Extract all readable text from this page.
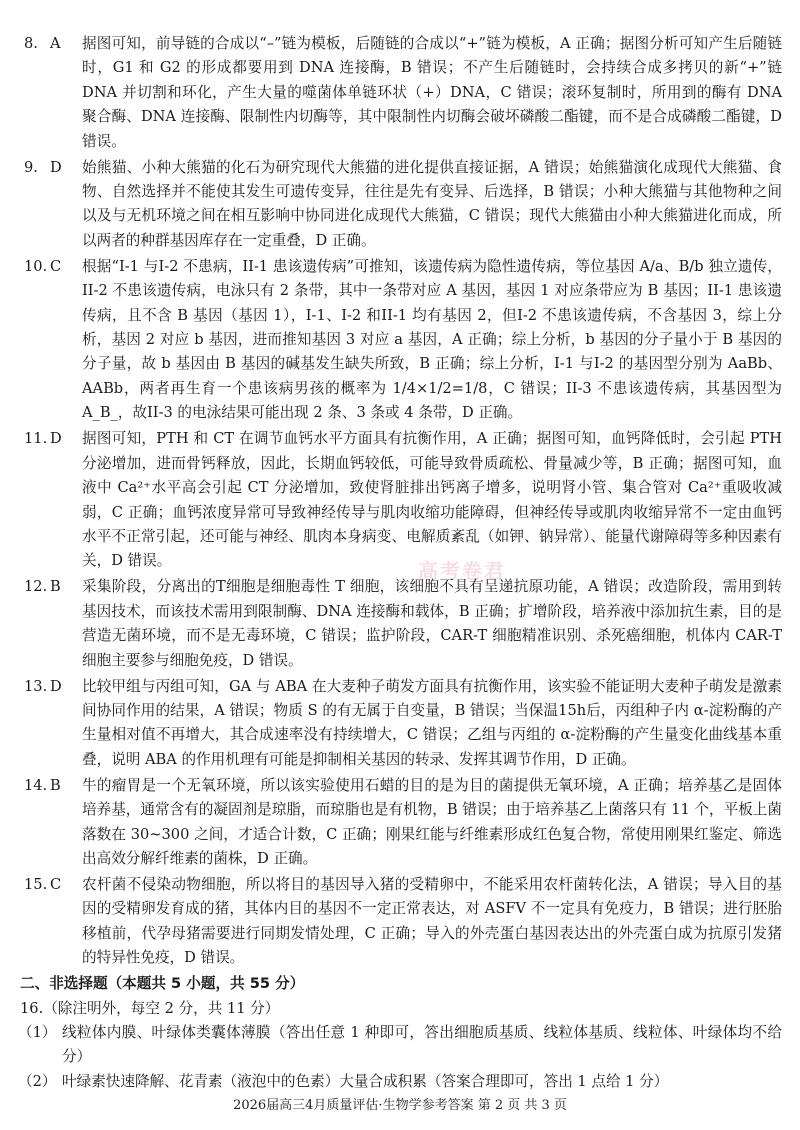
8. A 据图可知，前导链的合成以“–”链为模板，后随链的合成以“+”链为模板，A 正确；据图分析可知产生后随链时，G1 和 G2 的形成都要用到 DNA 连接酶，B 错误；不产生后随链时，会持续合成多拷贝的新“+”链 DNA 并切割和环化，产生大量的噬菌体单链环状（+）DNA，C 错误；滚环复制时，所用到的酶有 DNA 聚合酶、DNA 连接酶、限制性内切酶等，其中限制性内切酶会破坏磷酸二酯键，而不是合成磷酸二酯键，D 错误。
9. D 始熊猫、小种大熊猫的化石为研究现代大熊猫的进化提供直接证据，A 错误；始熊猫演化成现代大熊猫、食物、自然选择并不能使其发生可遗传变异，往往是先有变异、后选择，B 错误；小种大熊猫与其他物种之间以及与无机环境之间在相互影响中协同进化成现代大熊猫，C 错误；现代大熊猫由小种大熊猫进化而成，所以两者的种群基因库存在一定重叠，D 正确。
10. C 根据“I-1 与I-2 不患病，II-1 患该遗传病”可推知，该遗传病为隐性遗传病，等位基因 A/a、B/b 独立遗传，II-2 不患该遗传病，电泳只有 2 条带，其中一条带对应 A 基因，基因 1 对应条带应为 B 基因；II-1 患该遗传病，且不含 B 基因（基因 1），I-1、I-2 和II-1 均有基因 2，但I-2 不患该遗传病，不含基因 3，综上分析，基因 2 对应 b 基因，进而推知基因 3 对应 a 基因，A 正确；综上分析，b 基因的分子量小于 B 基因的分子量，故 b 基因由 B 基因的碱基发生缺失所致，B 正确；综上分析，I-1 与I-2 的基因型分别为 AaBb、AABb，两者再生育一个患该病男孩的概率为 1/4×1/2=1/8，C 错误；II-3 不患该遗传病，其基因型为 A_B_，故II-3 的电泳结果可能出现 2 条、3 条或 4 条带，D 正确。
11. D 据图可知，PTH 和 CT 在调节血钙水平方面具有抗衡作用，A 正确；据图可知，血钙降低时，会引起 PTH 分泌增加，进而骨钙释放，因此，长期血钙较低，可能导致骨质疏松、骨量减少等，B 正确；据图可知，血液中 Ca²⁺水平高会引起 CT 分泌增加，致使肾脏排出钙离子增多，说明肾小管、集合管对 Ca²⁺重吸收减弱，C 正确；血钙浓度异常可导致神经传导与肌肉收缩功能障碍，但神经传导或肌肉收缩异常不一定由血钙水平不正常引起，还可能与神经、肌肉本身病变、电解质紊乱（如钾、钠异常）、能量代谢障碍等多种因素有关，D 错误。
12. B 采集阶段，分离出的T细胞是细胞毒性 T 细胞，该细胞不具有呈递抗原功能，A 错误；改造阶段，需用到转基因技术，而该技术需用到限制酶、DNA 连接酶和载体，B 正确；扩增阶段，培养液中添加抗生素，目的是营造无菌环境，而不是无毒环境，C 错误；监护阶段，CAR-T 细胞精准识别、杀死癌细胞，机体内 CAR-T 细胞主要参与细胞免疫，D 错误。
13. D 比较甲组与丙组可知，GA 与 ABA 在大麦种子萌发方面具有抗衡作用，该实验不能证明大麦种子萌发是激素间协同作用的结果，A 错误；物质 S 的有无属于自变量，B 错误；当保温15h后，丙组种子内 α-淀粉酶的产生量相对值不再增大，其合成速率没有持续增大，C 错误；乙组与丙组的 α-淀粉酶的产生量变化曲线基本重叠，说明 ABA 的作用机理有可能是抑制相关基因的转录、发挥其调节作用，D 正确。
14. B 牛的瘤胃是一个无氧环境，所以该实验使用石蜡的目的是为目的菌提供无氧环境，A 正确；培养基乙是固体培养基，通常含有的凝固剂是琼脂，而琼脂也是有机物，B 错误；由于培养基乙上菌落只有 11 个，平板上菌落数在 30~300 之间，才适合计数，C 正确；刚果红能与纤维素形成红色复合物，常使用刚果红鉴定、筛选出高效分解纤维素的菌株，D 正确。
15. C 农杆菌不侵染动物细胞，所以将目的基因导入猪的受精卵中，不能采用农杆菌转化法，A 错误；导入目的基因的受精卵发育成的猪，其体内目的基因不一定正常表达，对 ASFV 不一定具有免疫力，B 错误；进行胚胎移植前，代孕母猪需要进行同期发情处理，C 正确；导入的外壳蛋白基因表达出的外壳蛋白成为抗原引发猪的特异性免疫，D 错误。
二、非选择题（本题共 5 小题，共 55 分）
16.（除注明外，每空 2 分，共 11 分）
（1） 线粒体内膜、叶绿体类囊体薄膜（答出任意 1 种即可，答出细胞质基质、线粒体基质、线粒体、叶绿体均不给分）
（2） 叶绿素快速降解、花青素（液泡中的色素）大量合成积累（答案合理即可，答出 1 点给 1 分）
高考卷君
2026届高三4月质量评估·生物学参考答案 第 2 页 共 3 页
